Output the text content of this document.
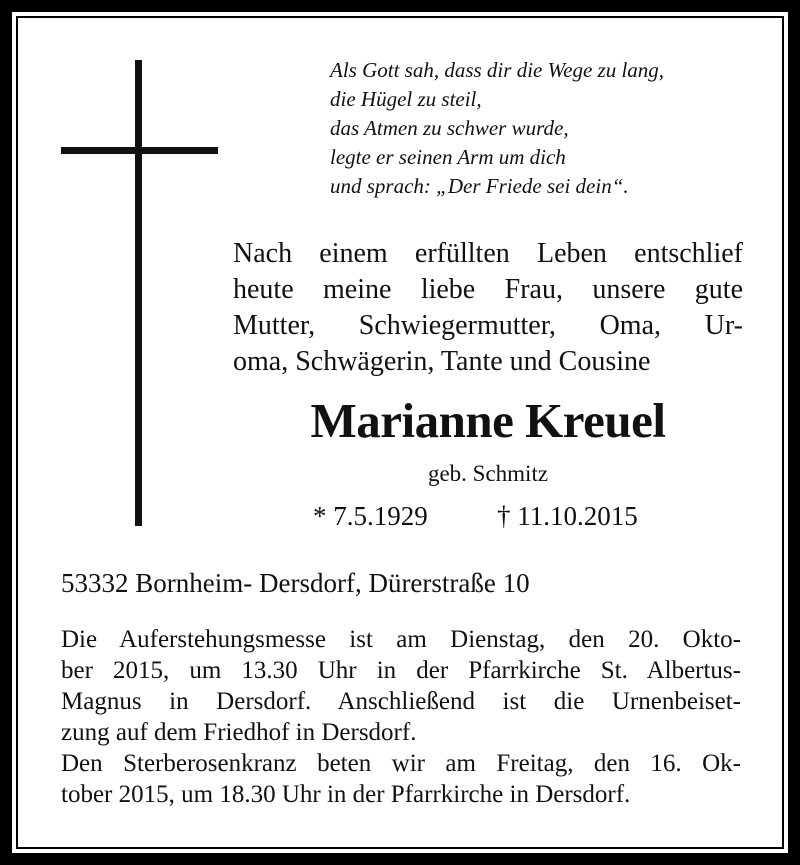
Als Gott sah, dass dir die Wege zu lang,
die Hügel zu steil,
das Atmen zu schwer wurde,
legte er seinen Arm um dich
und sprach: „Der Friede sei dein“.
Nach einem erfüllten Leben entschlief
heute meine liebe Frau, unsere gute
Mutter, Schwiegermutter, Oma, Ur-
oma, Schwägerin, Tante und Cousine
Marianne Kreuel
geb. Schmitz
* 7.5.1929	† 11.10.2015
53332 Bornheim- Dersdorf, Dürerstraße 10
Die Auferstehungsmesse ist am Dienstag, den 20. Okto-
ber 2015, um 13.30 Uhr in der Pfarrkirche St. Albertus-
Magnus in Dersdorf. Anschließend ist die Urnenbeiset-
zung auf dem Friedhof in Dersdorf.
Den Sterberosenkranz beten wir am Freitag, den 16. Ok-
tober 2015, um 18.30 Uhr in der Pfarrkirche in Dersdorf.
